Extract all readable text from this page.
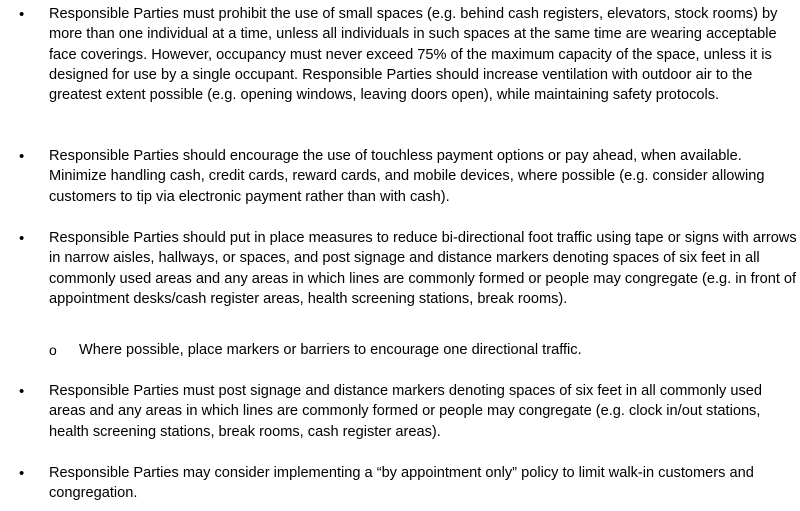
• Responsible Parties must prohibit the use of small spaces (e.g. behind cash registers, elevators, stock rooms) by more than one individual at a time, unless all individuals in such spaces at the same time are wearing acceptable face coverings. However, occupancy must never exceed 75% of the maximum capacity of the space, unless it is designed for use by a single occupant. Responsible Parties should increase ventilation with outdoor air to the greatest extent possible (e.g. opening windows, leaving doors open), while maintaining safety protocols.
• Responsible Parties should encourage the use of touchless payment options or pay ahead, when available. Minimize handling cash, credit cards, reward cards, and mobile devices, where possible (e.g. consider allowing customers to tip via electronic payment rather than with cash).
• Responsible Parties should put in place measures to reduce bi-directional foot traffic using tape or signs with arrows in narrow aisles, hallways, or spaces, and post signage and distance markers denoting spaces of six feet in all commonly used areas and any areas in which lines are commonly formed or people may congregate (e.g. in front of appointment desks/cash register areas, health screening stations, break rooms).
o Where possible, place markers or barriers to encourage one directional traffic.
• Responsible Parties must post signage and distance markers denoting spaces of six feet in all commonly used areas and any areas in which lines are commonly formed or people may congregate (e.g. clock in/out stations, health screening stations, break rooms, cash register areas).
• Responsible Parties may consider implementing a “by appointment only” policy to limit walk-in customers and congregation.
